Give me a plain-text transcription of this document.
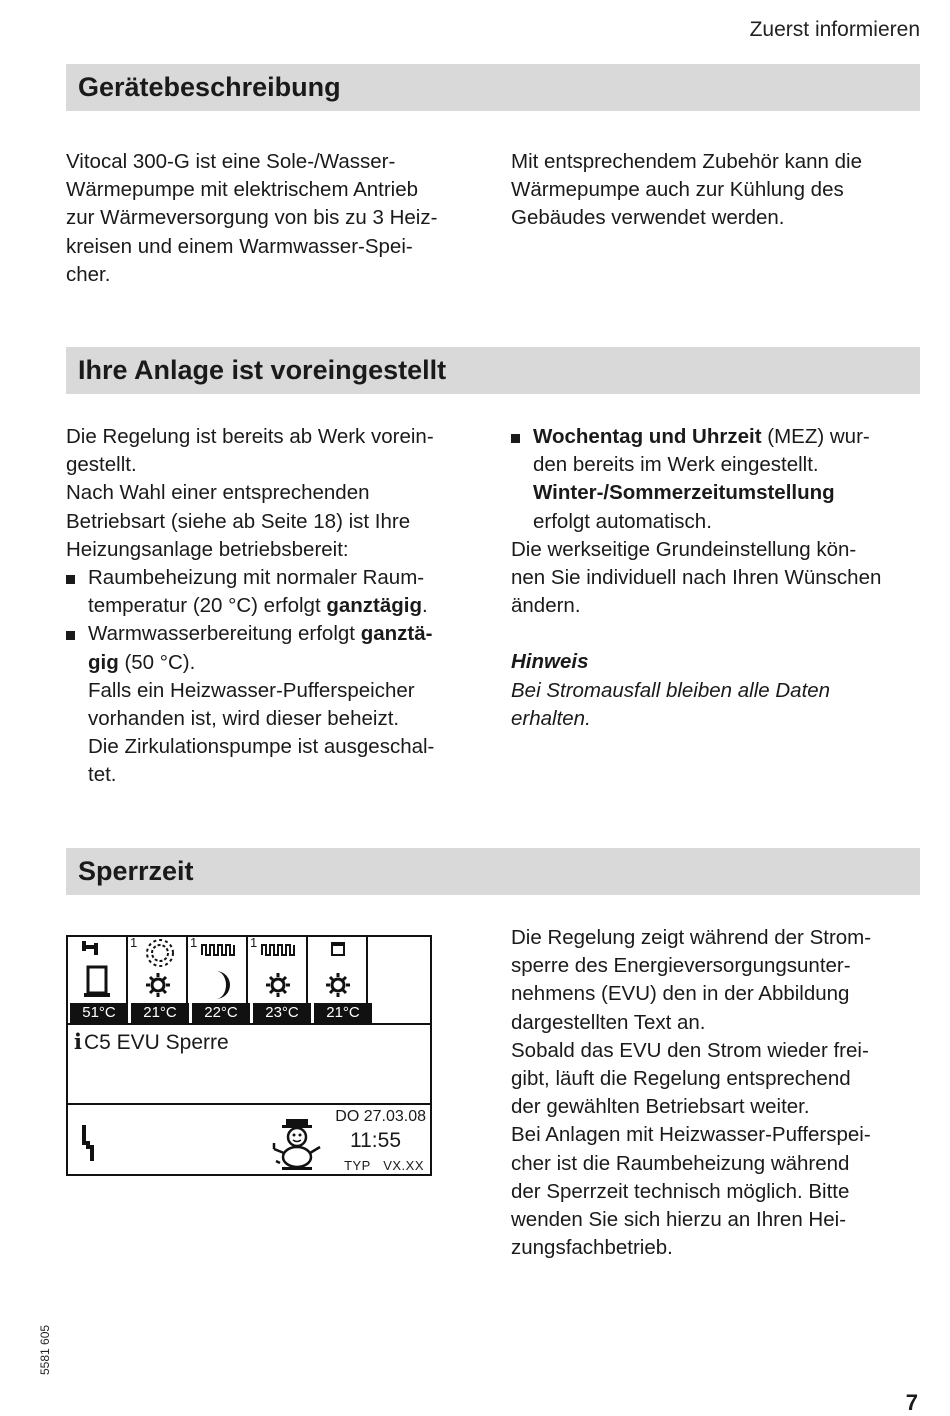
Zuerst informieren
Gerätebeschreibung

Vitocal 300-G ist eine Sole-/Wasser-

Wärmepumpe mit elektrischem Antrieb

zur Wärmeversorgung von bis zu 3 Heiz-

kreisen und einem Warmwasser-Spei-

cher.

Mit entsprechendem Zubehör kann die

Wärmepumpe auch zur Kühlung des

Gebäudes verwendet werden.

Ihre Anlage ist voreingestellt

Die Regelung ist bereits ab Werk vorein-

gestellt.

Nach Wahl einer entsprechenden

Betriebsart (siehe ab Seite 18) ist Ihre

Heizungsanlage betriebsbereit:

Raumbeheizung mit normaler Raum-

temperatur (20 °C) erfolgt ganztägig.

Warmwasserbereitung erfolgt ganztä-

gig (50 °C).

Falls ein Heizwasser-Pufferspeicher

vorhanden ist, wird dieser beheizt.

Die Zirkulationspumpe ist ausgeschal-

tet.

Wochentag und Uhrzeit (MEZ) wur-

den bereits im Werk eingestellt.

Winter-/Sommerzeitumstellung

erfolgt automatisch.

Die werkseitige Grundeinstellung kön-

nen Sie individuell nach Ihren Wünschen

ändern.

Hinweis

Bei Stromausfall bleiben alle Daten

erhalten.

Sperrzeit
1	1	1
51°C	21°C	22°C	23°C	21°C
iC5 EVU Sperre
DO 27.03.08
11:55
TYP VX.XX

Die Regelung zeigt während der Strom-

sperre des Energieversorgungsunter-

nehmens (EVU) den in der Abbildung

dargestellten Text an.

Sobald das EVU den Strom wieder frei-

gibt, läuft die Regelung entsprechend

der gewählten Betriebsart weiter.

Bei Anlagen mit Heizwasser-Pufferspei-

cher ist die Raumbeheizung während

der Sperrzeit technisch möglich. Bitte

wenden Sie sich hierzu an Ihren Hei-

zungsfachbetrieb.

5581 605
7
